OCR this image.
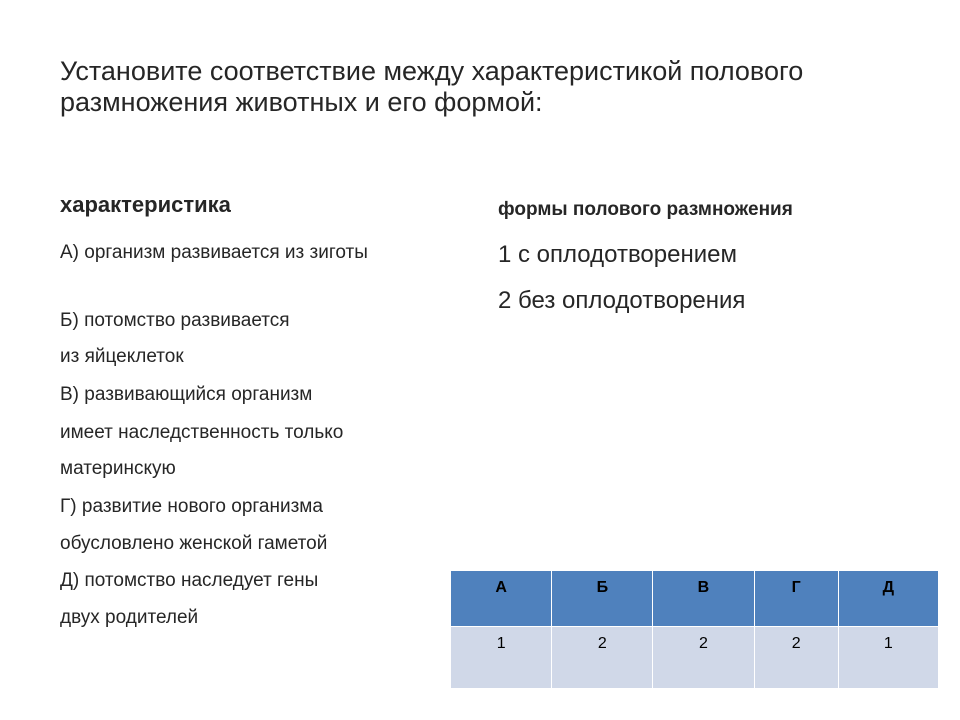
Установите соответствие между характеристикой полового размножения животных и его формой:
характеристика	формы полового размножения
А) организм развивается из зиготы
Б) потомство развивается
из яйцеклеток
В) развивающийся организм
имеет наследственность только
материнскую
Г) развитие нового организма
обусловлено женской гаметой
Д) потомство наследует гены
двух родителей
1 с оплодотворением
2 без оплодотворения
А	Б	В	Г	Д
1	2	2	2	1
